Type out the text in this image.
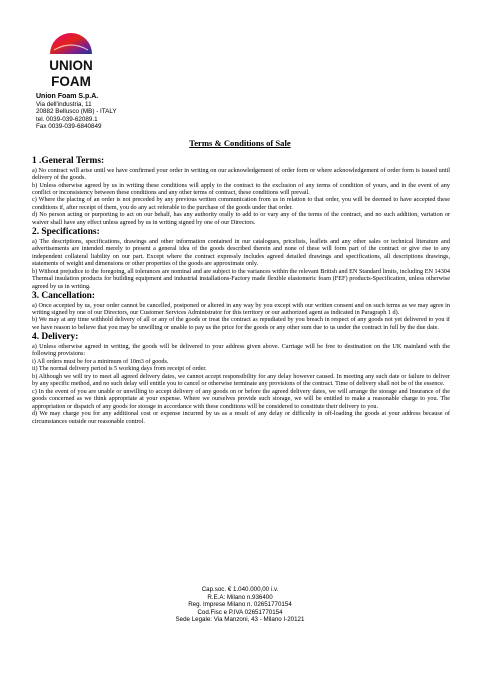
UNION
FOAM
Union Foam S.p.A.
Via dell'industria, 11
20882 Bellusco (MB) - ITALY
tel. 0039-039-62089.1
Fax 0039-039-6840849
Terms & Conditions of Sale
1 .General Terms:

a) No contract will arise until we have confirmed your order in writing on our acknowledgement of order form or where acknowledgement of order form is issued until delivery of the goods.

b) Unless otherwise agreed by us in writing these conditions will apply to the contract to the exclusion of any terms of condition of yours, and in the event of any conflict or inconsistency between these conditions and any other terms of contract, these conditions will prevail.

c) Where the placing of an order is not preceded by any previous written communication from us in relation to that order, you will be deemed to have accepted these conditions if, after receipt of them, you do any act referable to the purchase of the goods under that order.

d) No person acting or purporting to act on our behalf, has any authority orally to add to or vary any of the terms of the contract, and no such addition, variation or waiver shall have any effect unless agreed by us in writing signed by one of our Directors.

2. Specifications:

a) The descriptions, specifications, drawings and other information contained in our catalogues, pricelists, leaflets and any other sales or technical literature and advertisements are intended merely to present a general idea of the goods described therein and none of these will form part of the contract or give rise to any independent collateral liability on our part. Except where the contract expressly includes agreed detailed drawings and specifications, all descriptions drawings, statements of weight and dimensions or other properties of the goods are approximate only.

b) Without prejudice to the foregoing, all tolerances are nominal and are subject to the variances within the relevant British and EN Standard limits, including EN 14304 Thermal insulation products for building equipment and industrial installations-Factory made flexible elastomeric foam (FEF) products-Specification, unless otherwise agreed by us in writing.

3. Cancellation:

a) Once accepted by us, your order cannot be cancelled, postponed or altered in any way by you except with our written consent and on such terms as we may agree in writing signed by one of our Directors, our Customer Services Administrator for this territory or our authorized agent as indicated in Paragraph 1 d).

b) We may at any time withhold delivery of all or any of the goods or treat the contract as repudiated by you breach in respect of any goods not yet delivered to you if we have reason to believe that you may be unwilling or unable to pay us the price for the goods or any other sum due to us under the contract in full by the due date.

4. Delivery:

a) Unless otherwise agreed in writing, the goods will be delivered to your address given above. Carriage will be free to destination on the UK mainland with the following provisions:

i) All orders must be for a minimum of 10m3 of goods.

ii) The normal delivery period is 5 working days from receipt of order.

b) Although we will try to meet all agreed delivery dates, we cannot accept responsibility for any delay however caused. In meeting any such date or failure to deliver by any specific method, and no such delay will entitle you to cancel or otherwise terminate any provisions of the contract. Time of delivery shall not be of the essence.

c) In the event of you are unable or unwilling to accept delivery of any goods on or before the agreed delivery dates, we will arrange the storage and Insurance of the goods concerned as we think appropriate at your expense. Where we ourselves provide such storage, we will be entitled to make a reasonable charge to you. The appropriation or dispatch of any goods for storage in accordance with these conditions will be considered to constitute their delivery to you.

d) We may charge you for any additional cost or expense incurred by us as a result of any delay or difficulty in off-loading the goods at your address because of circumstances outside our reasonable control.

Cap.soc. € 1.040.000,00 i.v.
R.E.A: Milano n.936400
Reg. Imprese Milano n. 02651770154
Cod.Fisc e P.IVA 02651770154
Sede Legale: Via Manzoni, 43 - Milano I-20121
